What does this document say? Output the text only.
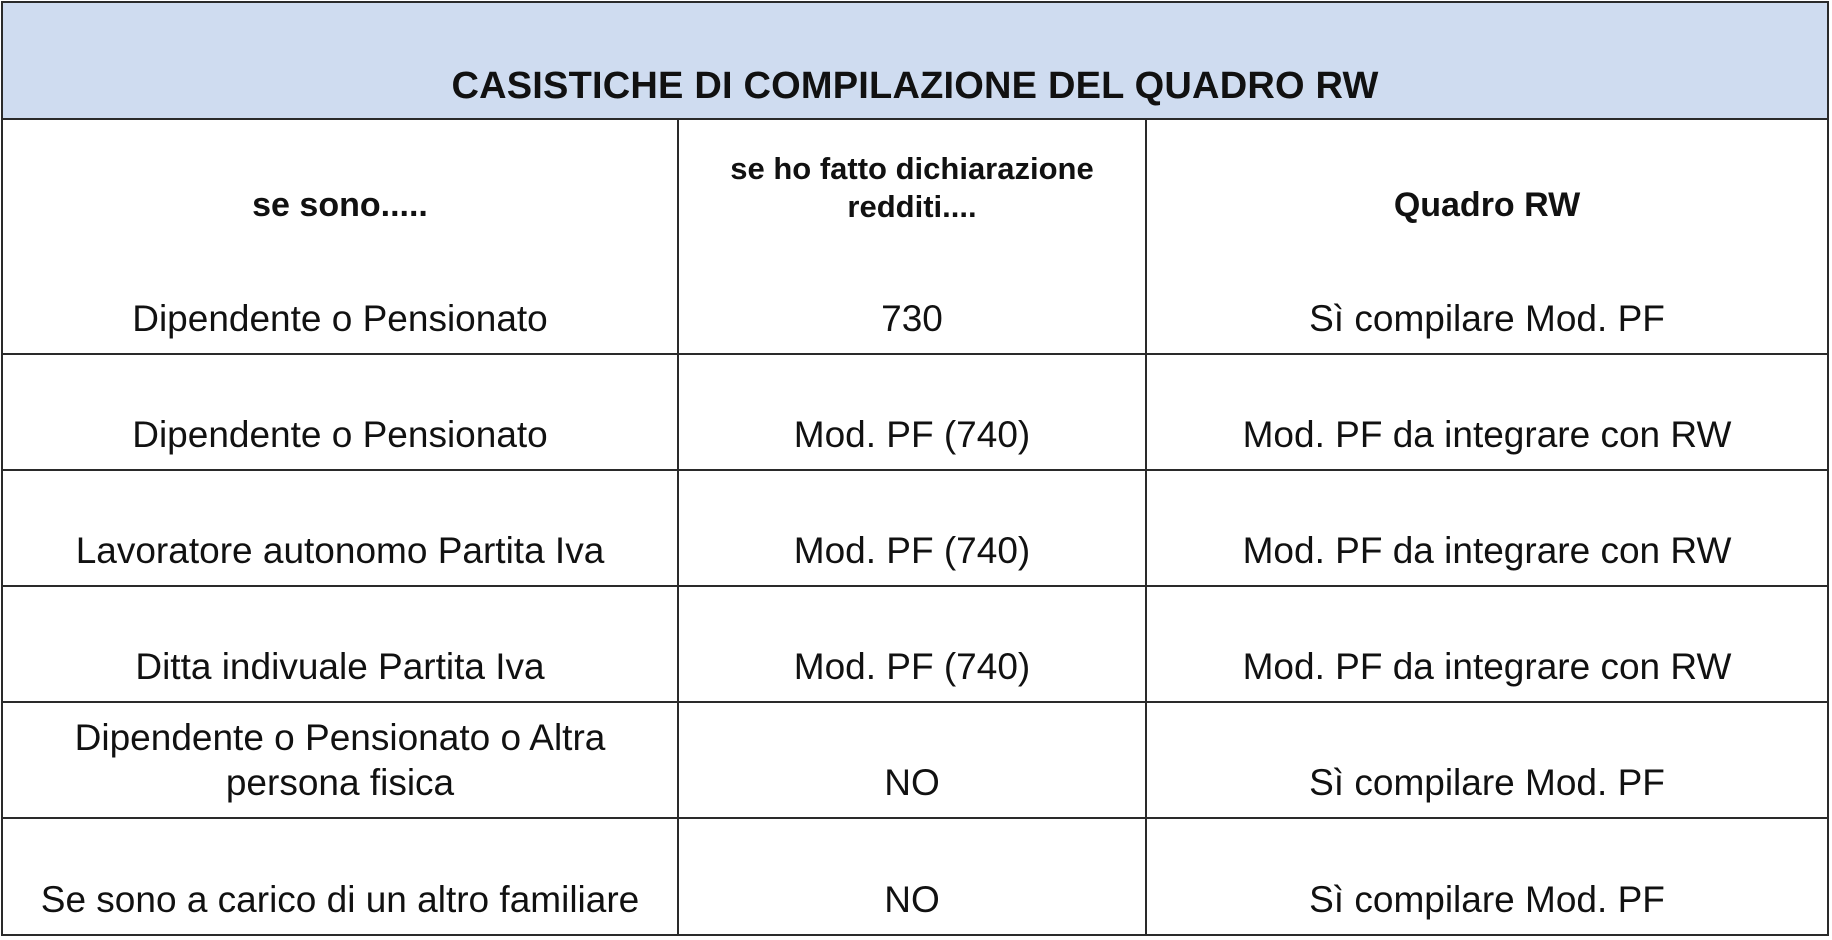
CASISTICHE DI COMPILAZIONE DEL QUADRO RW
se sono.....	se ho fatto dichiarazione redditi....	Quadro RW
Dipendente o Pensionato	730	Sì compilare Mod. PF
Dipendente o Pensionato	Mod. PF (740)	Mod. PF da integrare con RW
Lavoratore autonomo Partita Iva	Mod. PF (740)	Mod. PF da integrare con RW
Ditta indivuale Partita Iva	Mod. PF (740)	Mod. PF da integrare con RW
Dipendente o Pensionato o Altra persona fisica	NO	Sì compilare Mod. PF
Se sono a carico di un altro familiare	NO	Sì compilare Mod. PF
